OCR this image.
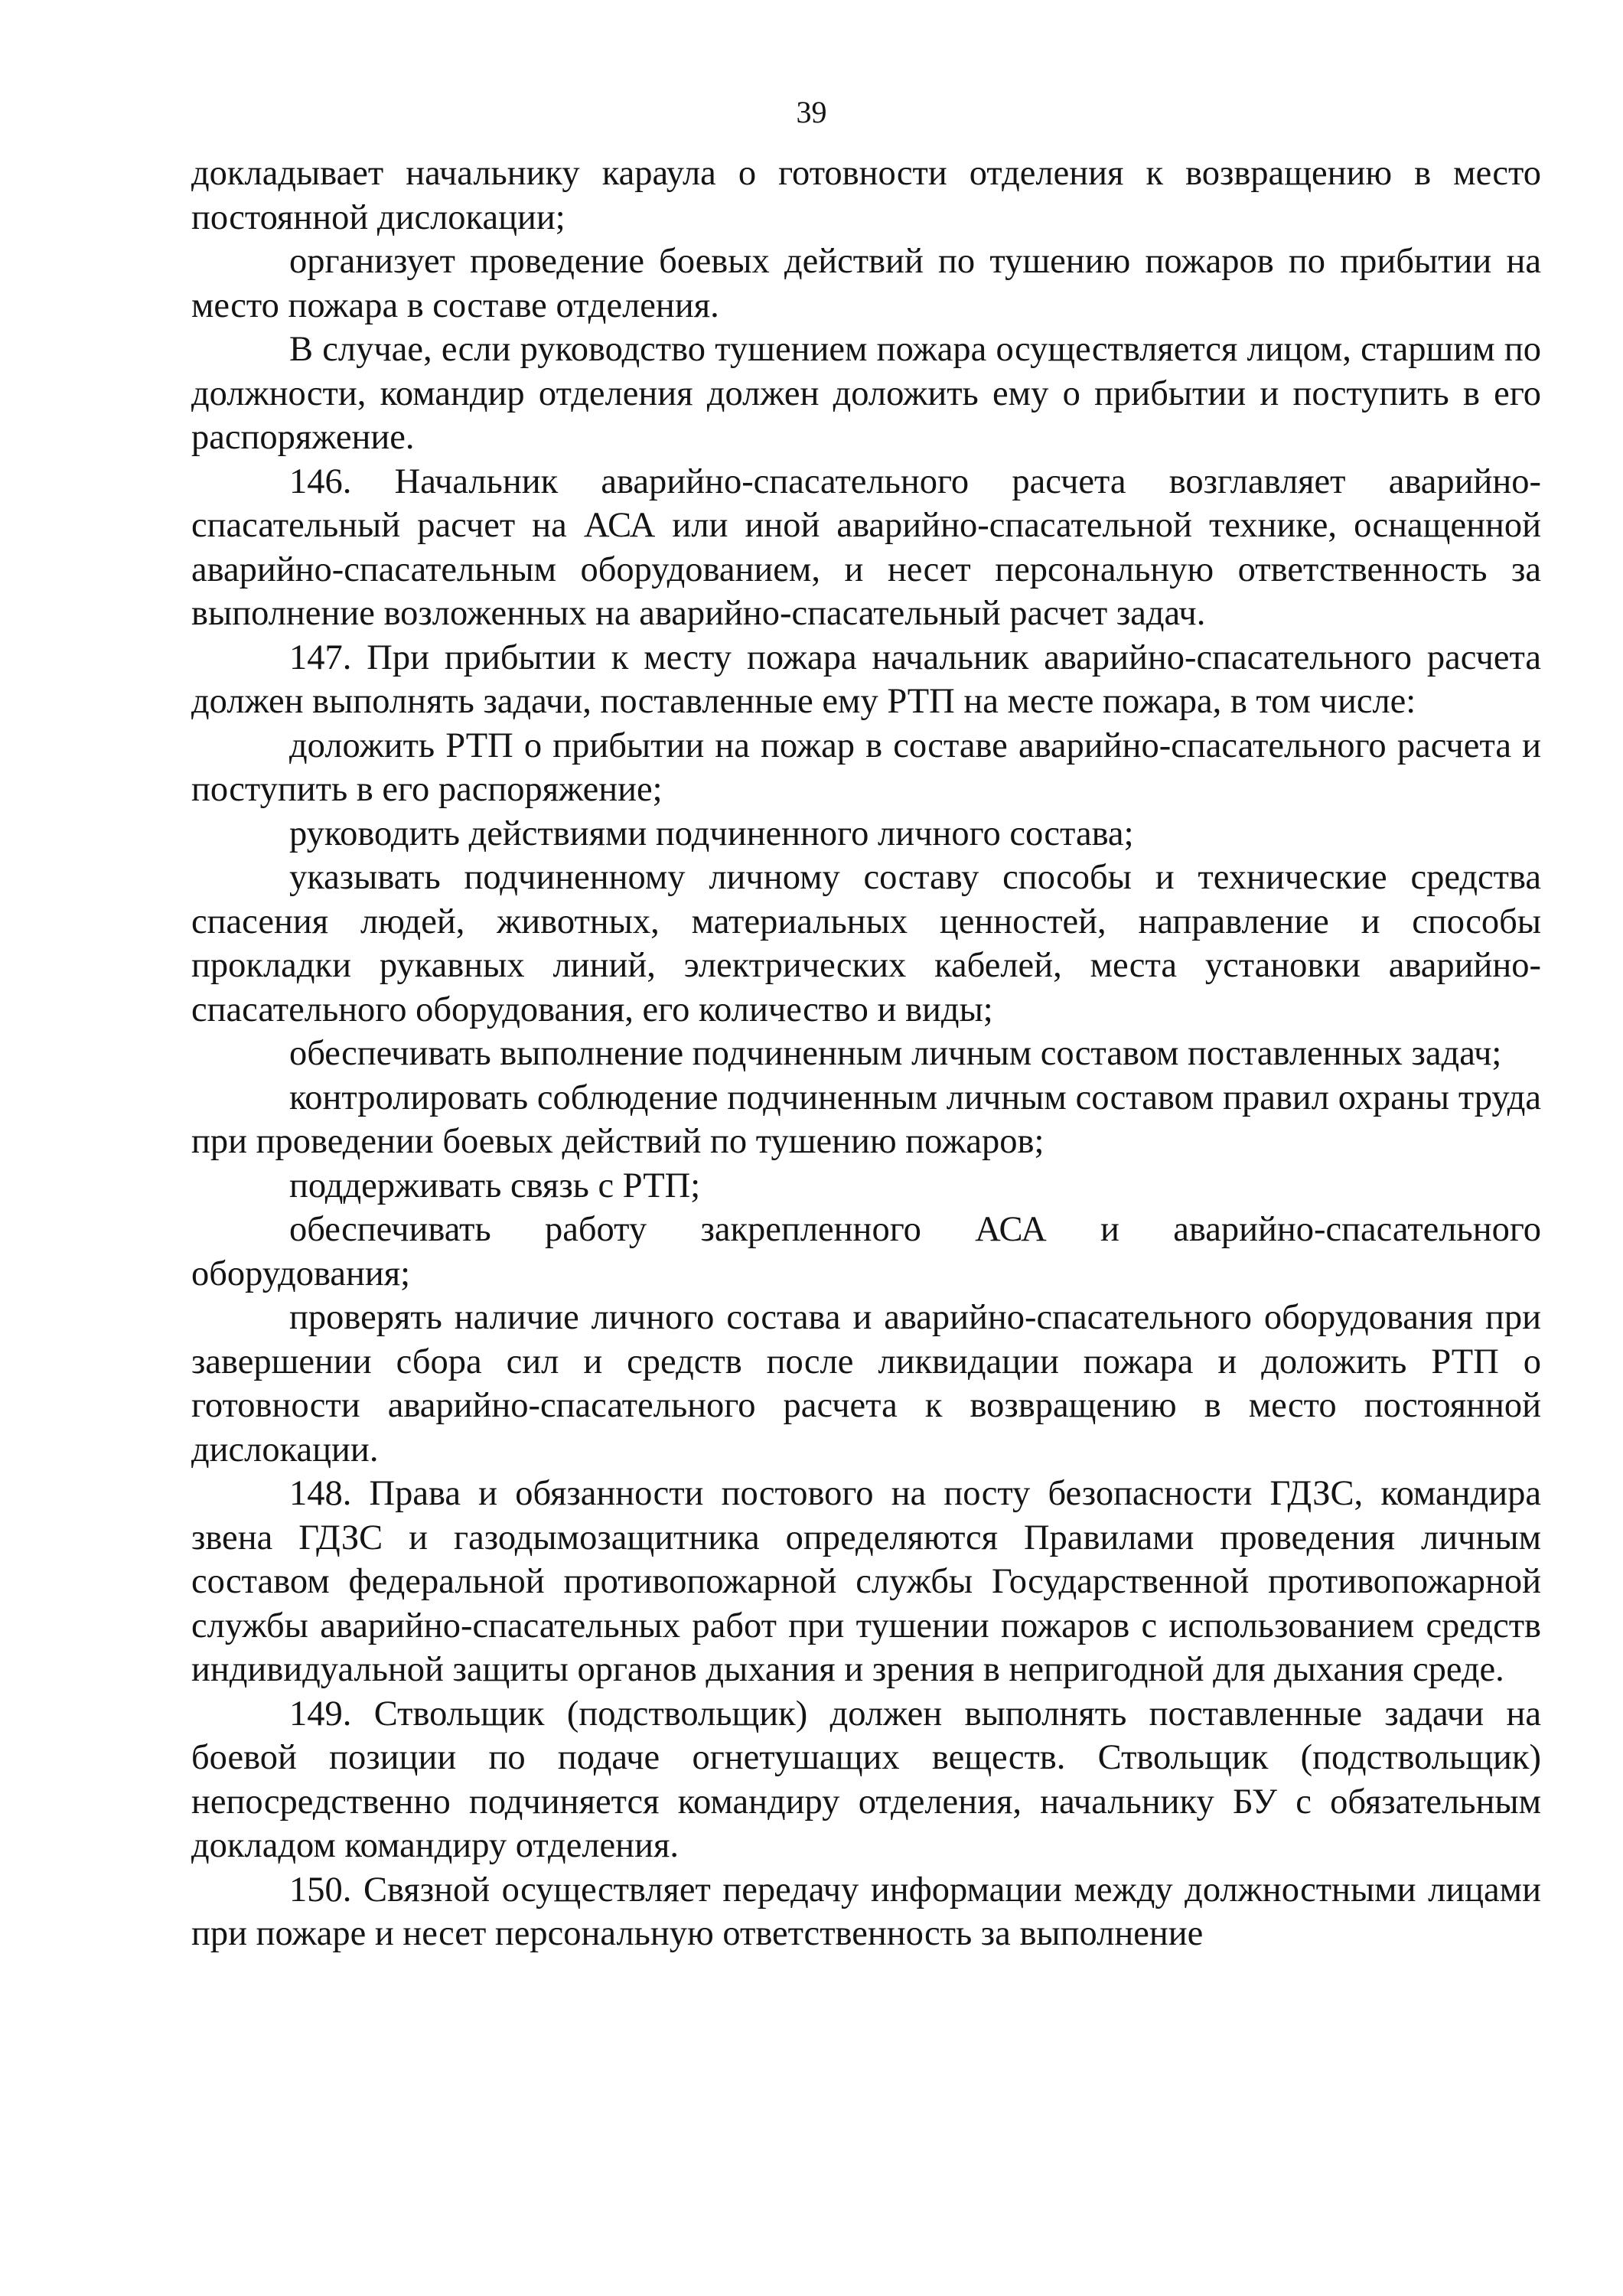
39

докладывает начальнику караула о готовности отделения к возвращению в место постоянной дислокации;

организует проведение боевых действий по тушению пожаров по прибытии на место пожара в составе отделения.

В случае, если руководство тушением пожара осуществляется лицом, старшим по должности, командир отделения должен доложить ему о прибытии и поступить в его распоряжение.

146. Начальник аварийно-спасательного расчета возглавляет аварийно-спасательный расчет на АСА или иной аварийно-спасательной технике, оснащенной аварийно-спасательным оборудованием, и несет персональную ответственность за выполнение возложенных на аварийно-спасательный расчет задач.

147. При прибытии к месту пожара начальник аварийно-спасательного расчета должен выполнять задачи, поставленные ему РТП на месте пожара, в том числе:

доложить РТП о прибытии на пожар в составе аварийно-спасательного расчета и поступить в его распоряжение;

руководить действиями подчиненного личного состава;

указывать подчиненному личному составу способы и технические средства спасения людей, животных, материальных ценностей, направление и способы прокладки рукавных линий, электрических кабелей, места установки аварийно-спасательного оборудования, его количество и виды;

обеспечивать выполнение подчиненным личным составом поставленных задач;

контролировать соблюдение подчиненным личным составом правил охраны труда при проведении боевых действий по тушению пожаров;

поддерживать связь с РТП;

обеспечивать работу закрепленного АСА и аварийно-спасательного оборудования;

проверять наличие личного состава и аварийно-спасательного оборудования при завершении сбора сил и средств после ликвидации пожара и доложить РТП о готовности аварийно-спасательного расчета к возвращению в место постоянной дислокации.

148. Права и обязанности постового на посту безопасности ГДЗС, командира звена ГДЗС и газодымозащитника определяются Правилами проведения личным составом федеральной противопожарной службы Государственной противопожарной службы аварийно-спасательных работ при тушении пожаров с использованием средств индивидуальной защиты органов дыхания и зрения в непригодной для дыхания среде.

149. Ствольщик (подствольщик) должен выполнять поставленные задачи на боевой позиции по подаче огнетушащих веществ. Ствольщик (подствольщик) непосредственно подчиняется командиру отделения, начальнику БУ с обязательным докладом командиру отделения.

150. Связной осуществляет передачу информации между должностными лицами при пожаре и несет персональную ответственность за выполнение
